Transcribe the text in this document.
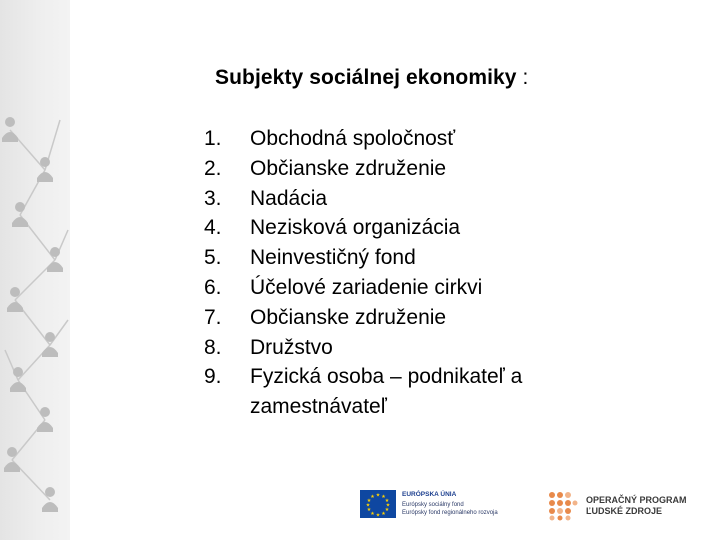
Subjekty sociálnej ekonomiky :
1.	Obchodná spoločnosť
2.	Občianske združenie
3.	Nadácia
4.	Nezisková organizácia
5.	Neinvestičný fond
6.	Účelové zariadenie cirkvi
7.	Občianske združenie
8.	Družstvo
9.	Fyzická osoba – podnikateľ a zamestnávateľ
★ ★
★
★
★
★
★
★
★
★
★
★	EURÓPSKA ÚNIA
Európsky sociálny fond
Európsky fond regionálneho rozvoja
OPERAČNÝ PROGRAM
ĽUDSKÉ ZDROJE
